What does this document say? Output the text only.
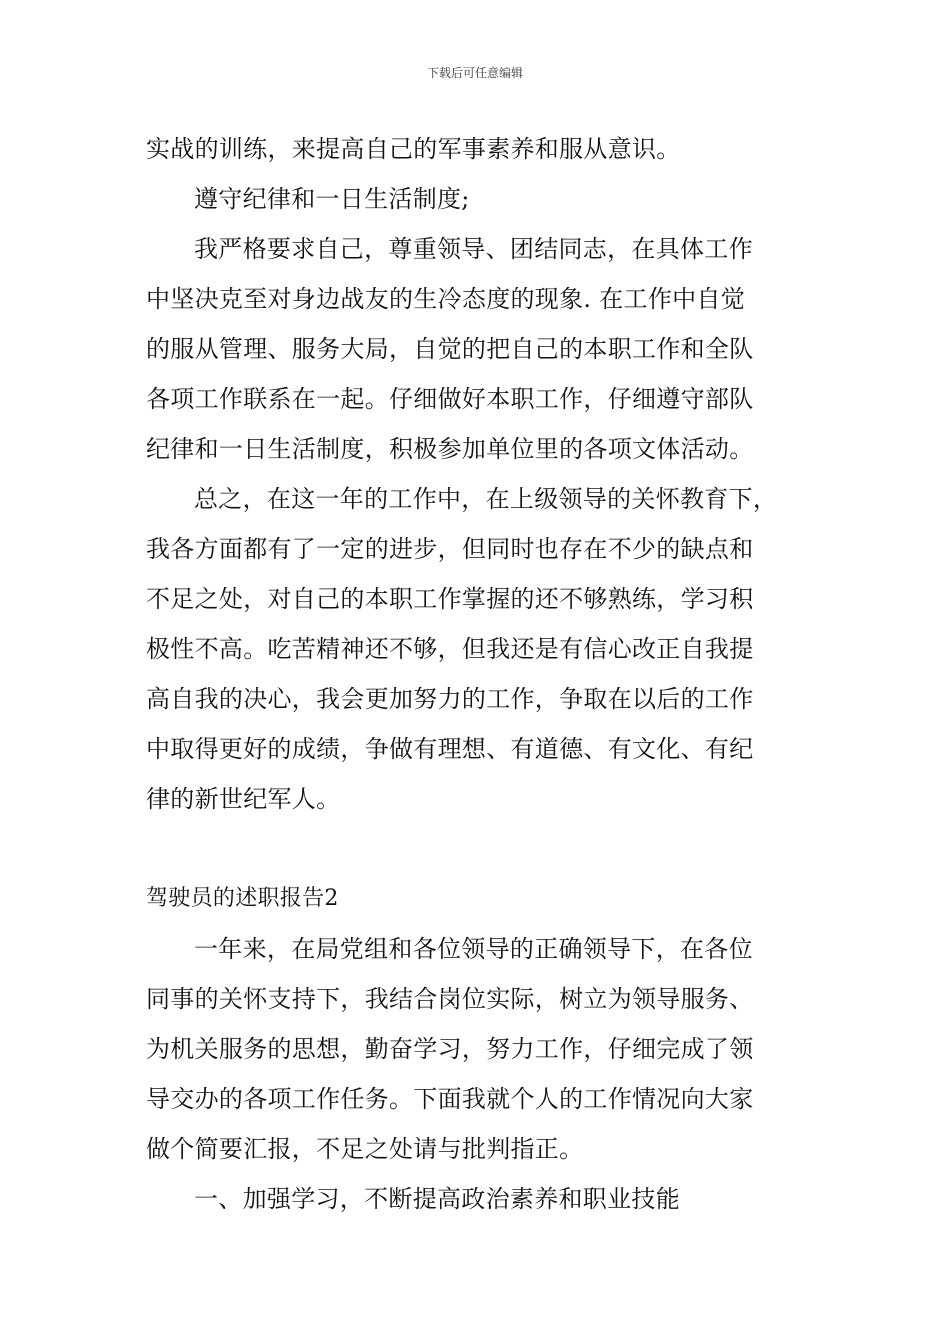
下载后可任意编辑
实战的训练，来提高自己的军事素养和服从意识。
遵守纪律和一日生活制度;
我严格要求自己，尊重领导、团结同志，在具体工作
中坚决克至对身边战友的生冷态度的现象. 在工作中自觉
的服从管理、服务大局，自觉的把自己的本职工作和全队
各项工作联系在一起。仔细做好本职工作，仔细遵守部队
纪律和一日生活制度，积极参加单位里的各项文体活动。
总之，在这一年的工作中，在上级领导的关怀教育下，
我各方面都有了一定的进步，但同时也存在不少的缺点和
不足之处，对自己的本职工作掌握的还不够熟练，学习积
极性不高。吃苦精神还不够，但我还是有信心改正自我提
高自我的决心，我会更加努力的工作，争取在以后的工作
中取得更好的成绩，争做有理想、有道德、有文化、有纪
律的新世纪军人。
驾驶员的述职报告2
一年来，在局党组和各位领导的正确领导下，在各位
同事的关怀支持下，我结合岗位实际，树立为领导服务、
为机关服务的思想，勤奋学习，努力工作，仔细完成了领
导交办的各项工作任务。下面我就个人的工作情况向大家
做个简要汇报，不足之处请与批判指正。
一、加强学习，不断提高政治素养和职业技能
